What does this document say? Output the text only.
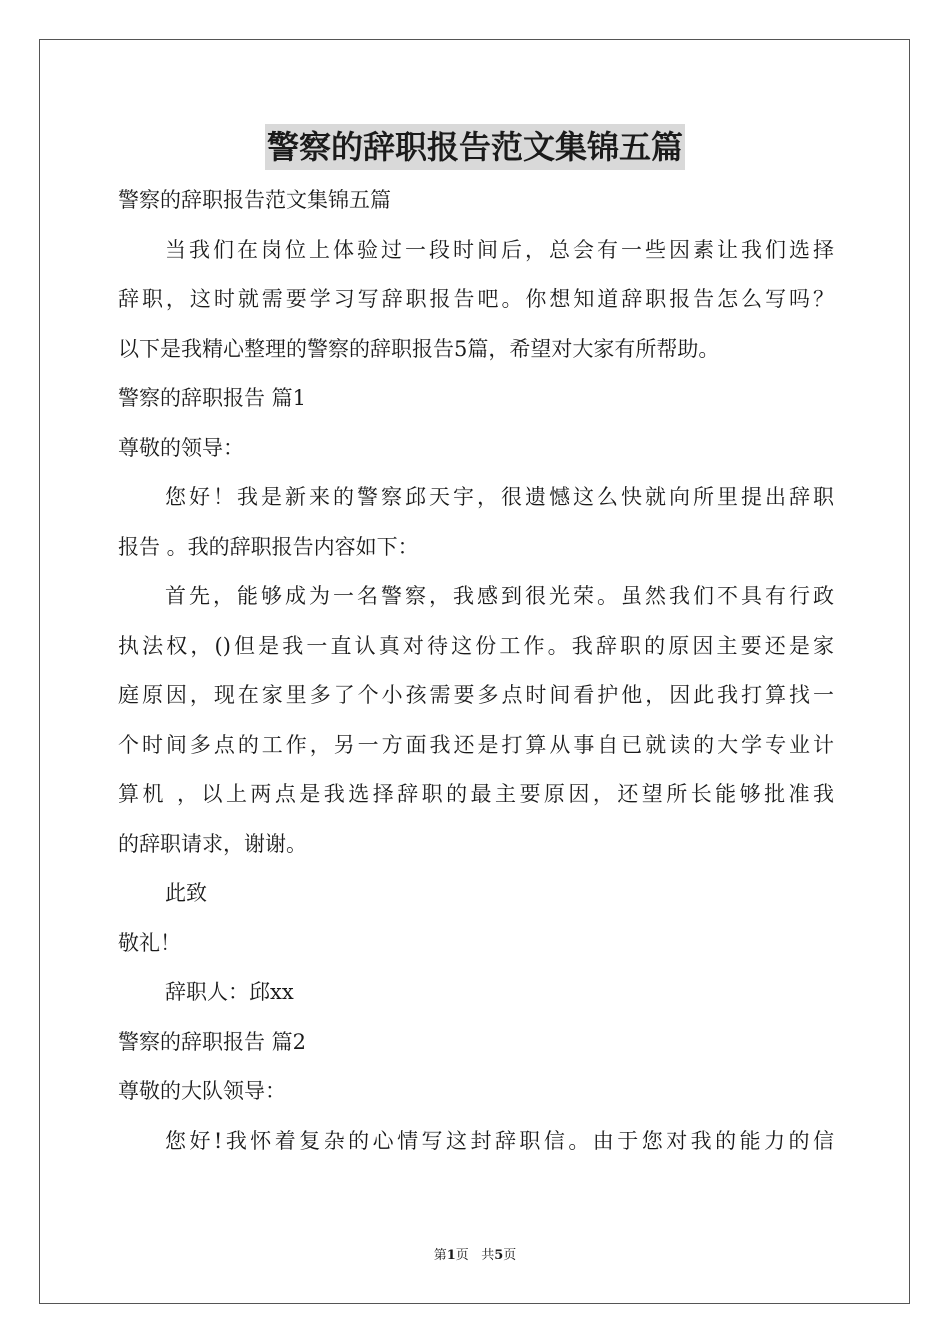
警察的辞职报告范文集锦五篇
警察的辞职报告范文集锦五篇
当我们在岗位上体验过一段时间后，总会有一些因素让我们选择
辞职，这时就需要学习写辞职报告吧。你想知道辞职报告怎么写吗？
以下是我精心整理的警察的辞职报告5篇，希望对大家有所帮助。
警察的辞职报告 篇1
尊敬的领导：
您好！我是新来的警察邱天宇，很遗憾这么快就向所里提出辞职
报告 。我的辞职报告内容如下：
首先，能够成为一名警察，我感到很光荣。虽然我们不具有行政
执法权，()但是我一直认真对待这份工作。我辞职的原因主要还是家
庭原因，现在家里多了个小孩需要多点时间看护他，因此我打算找一
个时间多点的工作，另一方面我还是打算从事自已就读的大学专业计
算机 ，以上两点是我选择辞职的最主要原因，还望所长能够批准我
的辞职请求，谢谢。
此致
敬礼！
辞职人：邱xx
警察的辞职报告 篇2
尊敬的大队领导：
您好!我怀着复杂的心情写这封辞职信。由于您对我的能力的信
第1页 共5页
